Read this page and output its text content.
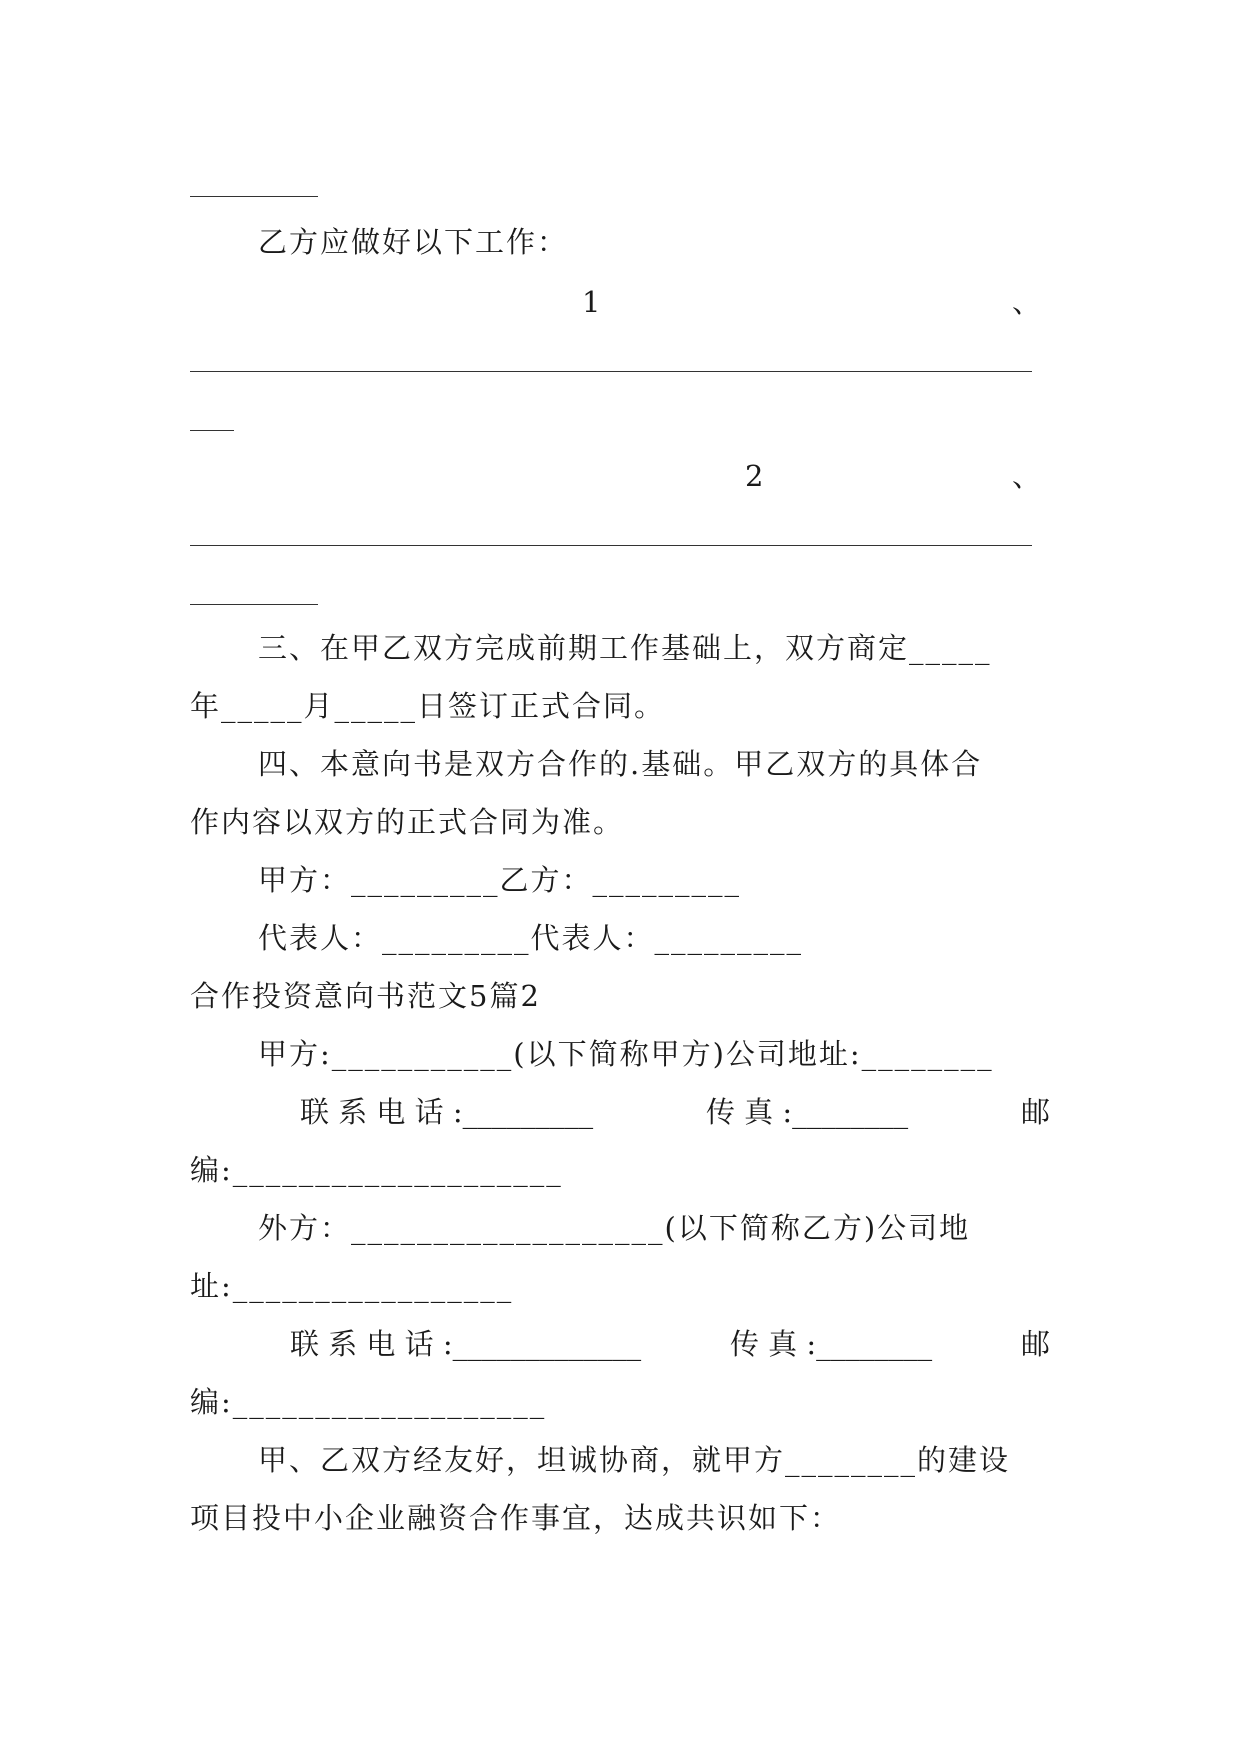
乙方应做好以下工作：
1	、
2	、
三、在甲乙双方完成前期工作基础上，双方商定_____
年_____月_____日签订正式合同。
四、本意向书是双方合作的.基础。甲乙双方的具体合
作内容以双方的正式合同为准。
甲方：_________乙方：_________
代表人：_________代表人：_________
合作投资意向书范文5篇2
甲方:___________(以下简称甲方)公司地址:________
联 系 电 话 :_________	传 真 :________	邮
编:____________________
外方：___________________(以下简称乙方)公司地
址:_________________
联 系 电 话 :_____________	传 真 :________	邮
编:___________________
甲、乙双方经友好，坦诚协商，就甲方________的建设
项目投中小企业融资合作事宜，达成共识如下：
